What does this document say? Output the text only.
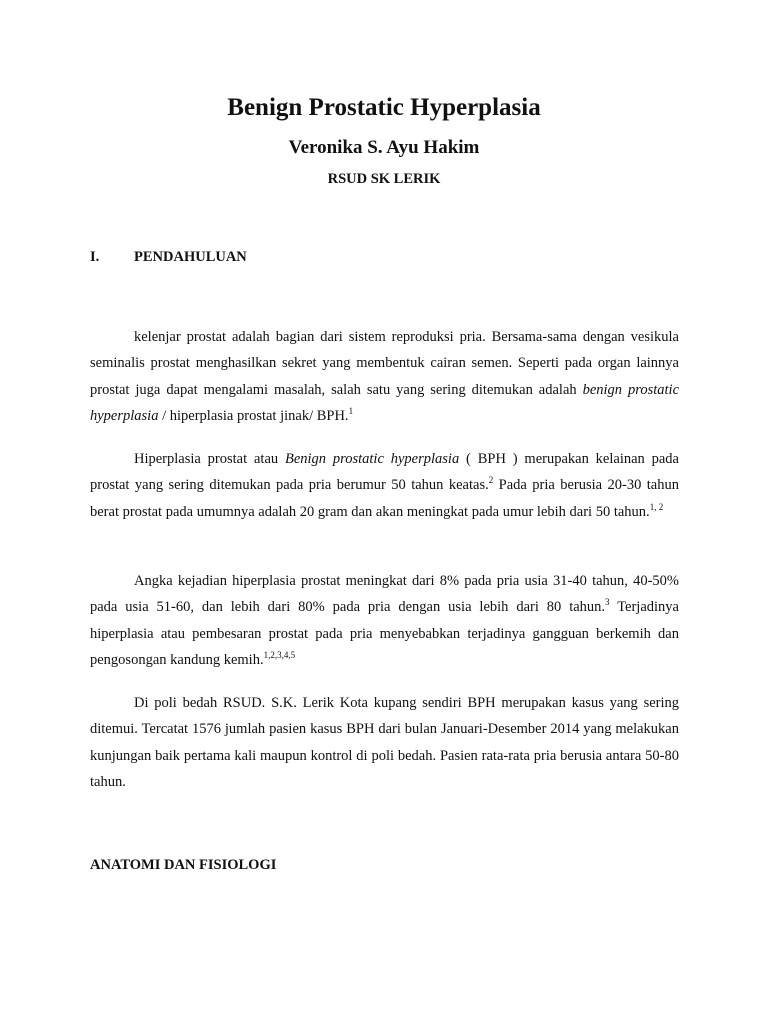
Benign Prostatic Hyperplasia
Veronika S. Ayu Hakim
RSUD SK LERIK
I. PENDAHULUAN

kelenjar prostat adalah bagian dari sistem reproduksi pria. Bersama-sama dengan vesikula seminalis prostat menghasilkan sekret yang membentuk cairan semen. Seperti pada organ lainnya prostat juga dapat mengalami masalah, salah satu yang sering ditemukan adalah benign prostatic hyperplasia / hiperplasia prostat jinak/ BPH.$^1$

Hiperplasia prostat atau Benign prostatic hyperplasia ( BPH ) merupakan kelainan pada prostat yang sering ditemukan pada pria berumur 50 tahun keatas.$^2$ Pada pria berusia 20-30 tahun berat prostat pada umumnya adalah 20 gram dan akan meningkat pada umur lebih dari 50 tahun.$^{1, 2}$

Angka kejadian hiperplasia prostat meningkat dari 8% pada pria usia 31-40 tahun, 40-50% pada usia 51-60, dan lebih dari 80% pada pria dengan usia lebih dari 80 tahun.$^3$ Terjadinya hiperplasia atau pembesaran prostat pada pria menyebabkan terjadinya gangguan berkemih dan pengosongan kandung kemih.$^{1,2,3,4,5}$

Di poli bedah RSUD. S.K. Lerik Kota kupang sendiri BPH merupakan kasus yang sering ditemui. Tercatat 1576 jumlah pasien kasus BPH dari bulan Januari-Desember 2014 yang melakukan kunjungan baik pertama kali maupun kontrol di poli bedah. Pasien rata-rata pria berusia antara 50-80 tahun.

ANATOMI DAN FISIOLOGI
